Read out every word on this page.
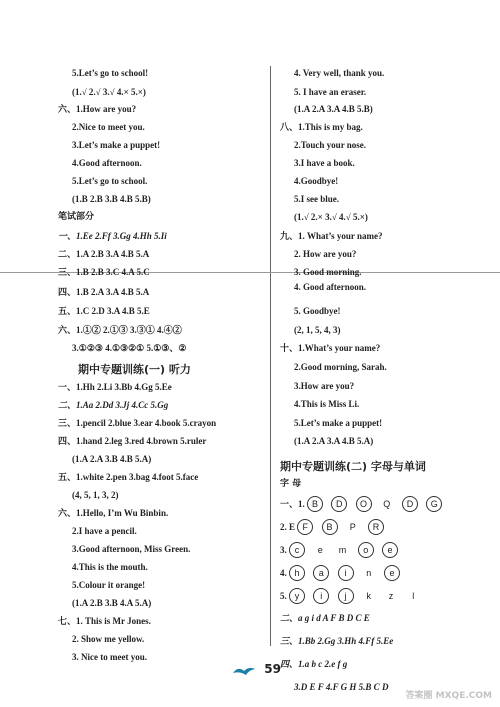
5.Let’s go to school!
(1.√ 2.√ 3.√ 4.× 5.×)
六、1.How are you?
2.Nice to meet you.
3.Let’s make a puppet!
4.Good afternoon.
5.Let’s go to school.
(1.B 2.B 3.B 4.B 5.B)
笔试部分
一、1.Ee 2.Ff 3.Gg 4.Hh 5.Ii
二、1.A 2.B 3.A 4.B 5.A
三、1.B 2.B 3.C 4.A 5.C
四、1.B 2.A 3.A 4.B 5.A
五、1.C 2.D 3.A 4.B 5.E
六、1.①② 2.①③ 3.③① 4.④②
3.①②③ 4.①③②① 5.①③、②
期中专题训练(一) 听力
一、1.Hh 2.Li 3.Bb 4.Gg 5.Ee
二、1.Aa 2.Dd 3.Jj 4.Cc 5.Gg
三、1.pencil 2.blue 3.ear 4.book 5.crayon
四、1.hand 2.leg 3.red 4.brown 5.ruler
(1.A 2.A 3.B 4.B 5.A)
五、1.white 2.pen 3.bag 4.foot 5.face
(4, 5, 1, 3, 2)
六、1.Hello, I’m Wu Binbin.
2.I have a pencil.
3.Good afternoon, Miss Green.
4.This is the mouth.
5.Colour it orange!
(1.A 2.B 3.B 4.A 5.A)
七、1. This is Mr Jones.
2. Show me yellow.
3. Nice to meet you.
4. Very well, thank you.
5. I have an eraser.
(1.A 2.A 3.A 4.B 5.B)
八、1.This is my bag.
2.Touch your nose.
3.I have a book.
4.Goodbye!
5.I see blue.
(1.√ 2.× 3.√ 4.√ 5.×)
九、1. What’s your name?
2. How are you?
3. Good morning.
4. Good afternoon.
5. Goodbye!
(2, 1, 5, 4, 3)
十、1.What’s your name?
2.Good morning, Sarah.
3.How are you?
4.This is Miss Li.
5.Let’s make a puppet!
(1.A 2.A 3.A 4.B 5.A)
期中专题训练(二) 字母与单词
字 母
一、1. B D O Q D G
2. E F B P R
3. c e m o e
4. h a i n e
5. y i j k z l
二、a g i d A F B D C E
三、1.Bb 2.Gg 3.Hh 4.Ff 5.Ee
四、1.a b c 2.e f g
3.D E F 4.F G H 5.B C D
59
答案圈 MXQE.COM
